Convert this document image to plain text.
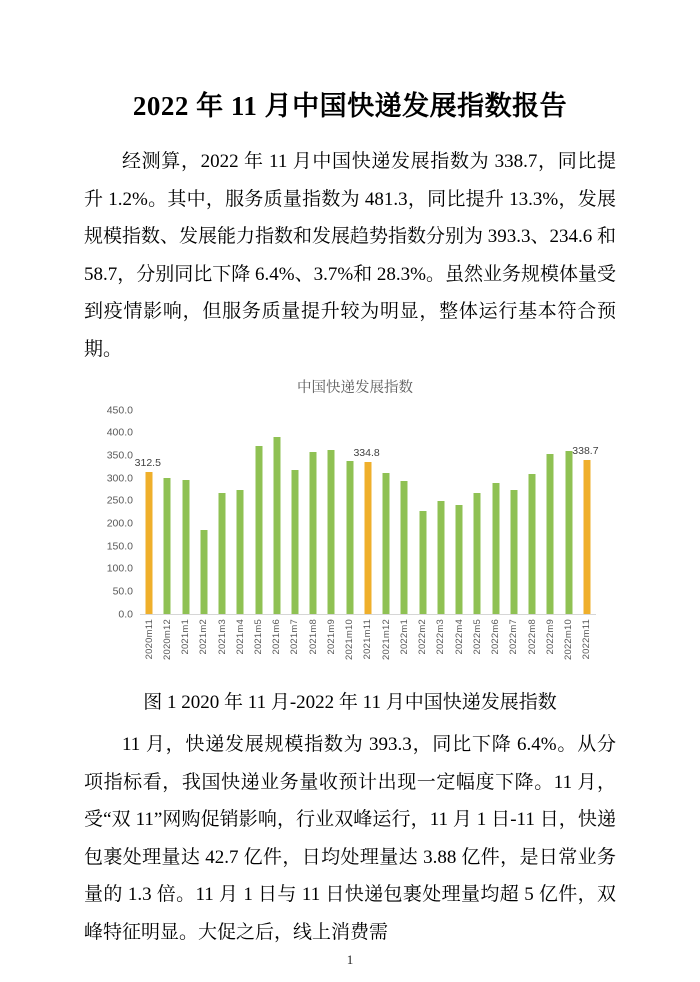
2022 年 11 月中国快递发展指数报告

经测算，2022 年 11 月中国快递发展指数为 338.7，同比提升 1.2%。其中，服务质量指数为 481.3，同比提升 13.3%，发展规模指数、发展能力指数和发展趋势指数分别为 393.3、234.6 和 58.7，分别同比下降 6.4%、3.7%和 28.3%。虽然业务规模体量受到疫情影响，但服务质量提升较为明显，整体运行基本符合预期。

中国快递发展指数
450.0
400.0
350.0
300.0
250.0
200.0
150.0
100.0
50.0
0.0
312.5
334.8	338.7
2020m11 2020m12 2021m1 2021m2 2021m3 2021m4 2021m5 2021m6 2021m7 2021m8 2021m9 2021m10 2021m11 2021m12 2022m1 2022m2 2022m3 2022m4 2022m5 2022m6 2022m7 2022m8 2022m9 2022m10 2022m11

图 1 2020 年 11 月-2022 年 11 月中国快递发展指数

11 月，快递发展规模指数为 393.3，同比下降 6.4%。从分项指标看，我国快递业务量收预计出现一定幅度下降。11 月，受“双 11”网购促销影响，行业双峰运行，11 月 1 日-11 日，快递包裹处理量达 42.7 亿件，日均处理量达 3.88 亿件，是日常业务量的 1.3 倍。11 月 1 日与 11 日快递包裹处理量均超 5 亿件，双峰特征明显。大促之后，线上消费需

1
